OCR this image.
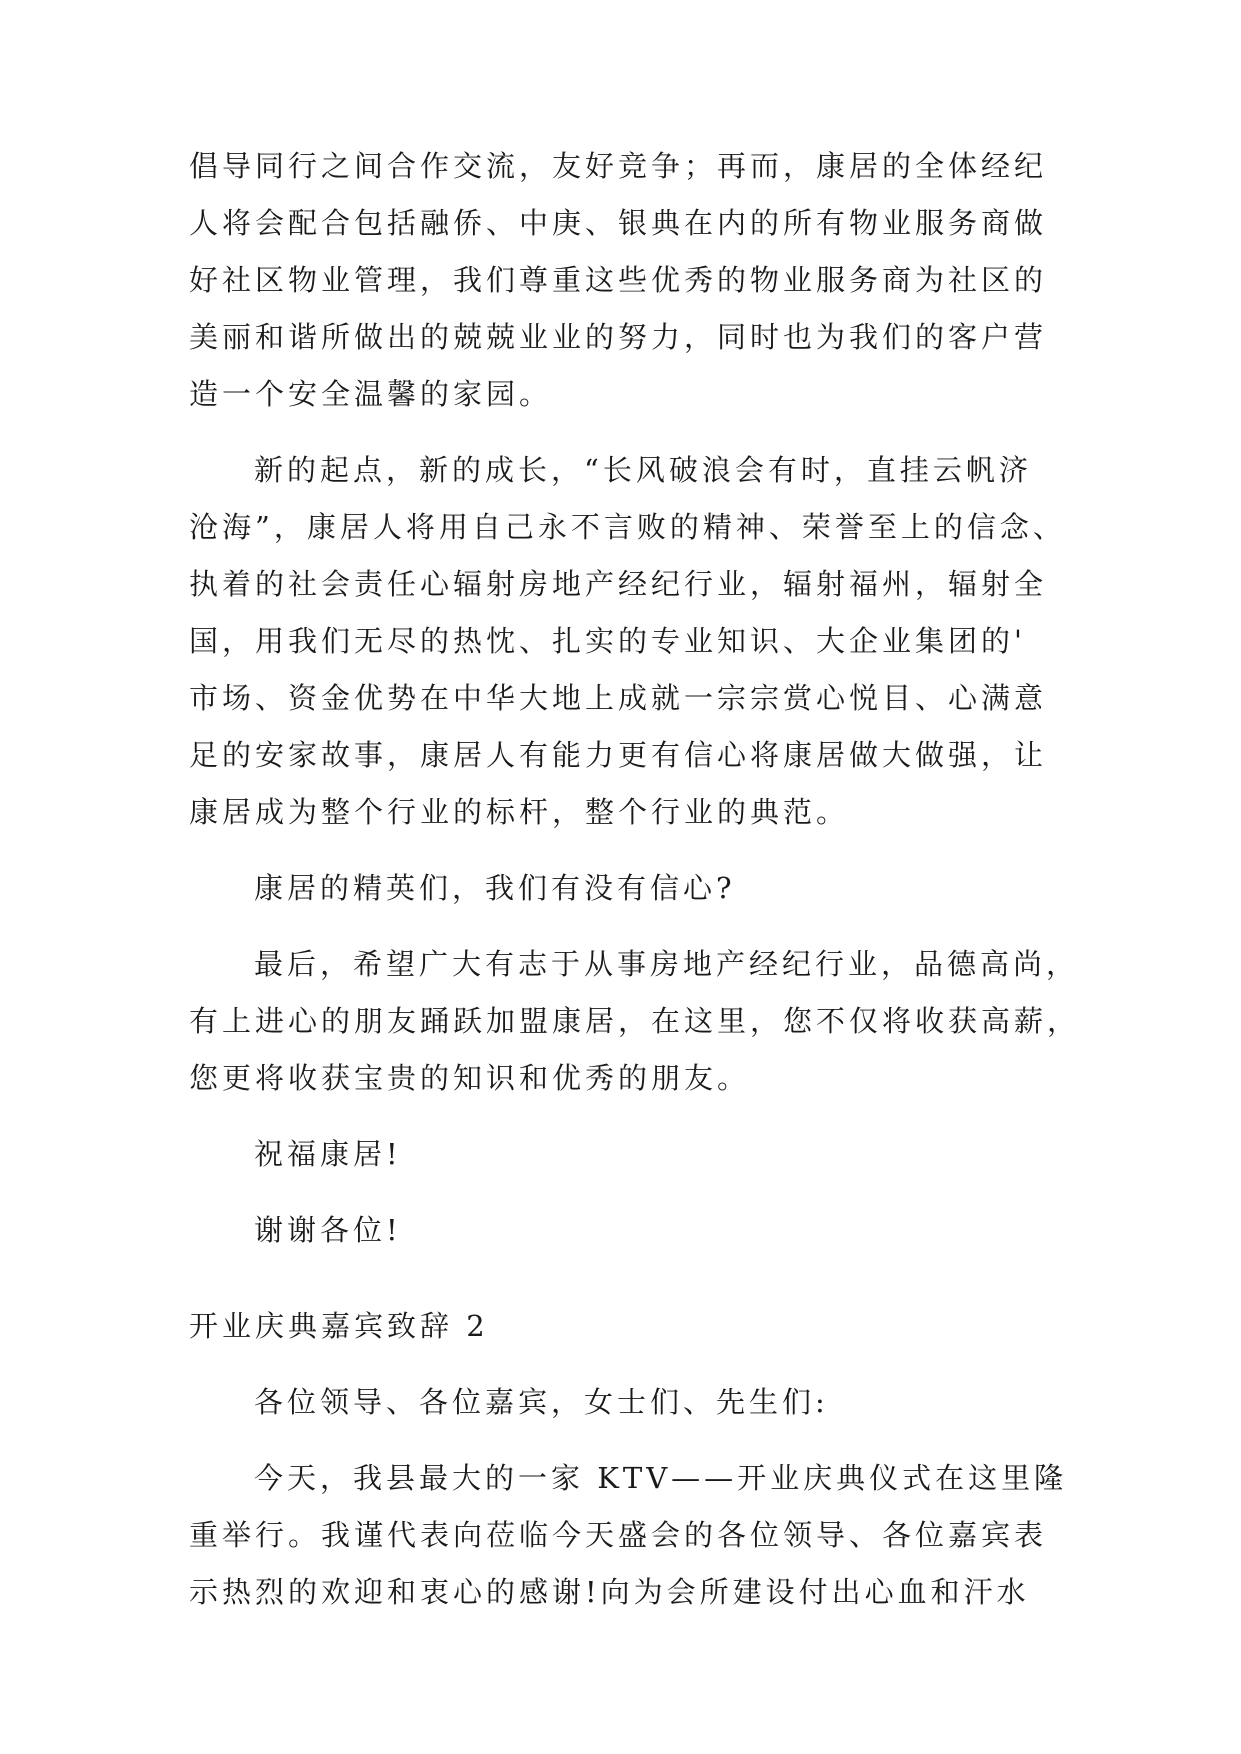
倡导同行之间合作交流，友好竞争；再而，康居的全体经纪
人将会配合包括融侨、中庚、银典在内的所有物业服务商做
好社区物业管理，我们尊重这些优秀的物业服务商为社区的
美丽和谐所做出的兢兢业业的努力，同时也为我们的客户营
造一个安全温馨的家园。
新的起点，新的成长，“长风破浪会有时，直挂云帆济
沧海”，康居人将用自己永不言败的精神、荣誉至上的信念、
执着的社会责任心辐射房地产经纪行业，辐射福州，辐射全
国，用我们无尽的热忱、扎实的专业知识、大企业集团的'
市场、资金优势在中华大地上成就一宗宗赏心悦目、心满意
足的安家故事，康居人有能力更有信心将康居做大做强，让
康居成为整个行业的标杆，整个行业的典范。
康居的精英们，我们有没有信心?
最后，希望广大有志于从事房地产经纪行业，品德高尚，
有上进心的朋友踊跃加盟康居，在这里，您不仅将收获高薪，
您更将收获宝贵的知识和优秀的朋友。
祝福康居!
谢谢各位!
开业庆典嘉宾致辞 2
各位领导、各位嘉宾，女士们、先生们:
今天，我县最大的一家 KTV——开业庆典仪式在这里隆
重举行。我谨代表向莅临今天盛会的各位领导、各位嘉宾表
示热烈的欢迎和衷心的感谢!向为会所建设付出心血和汗水
